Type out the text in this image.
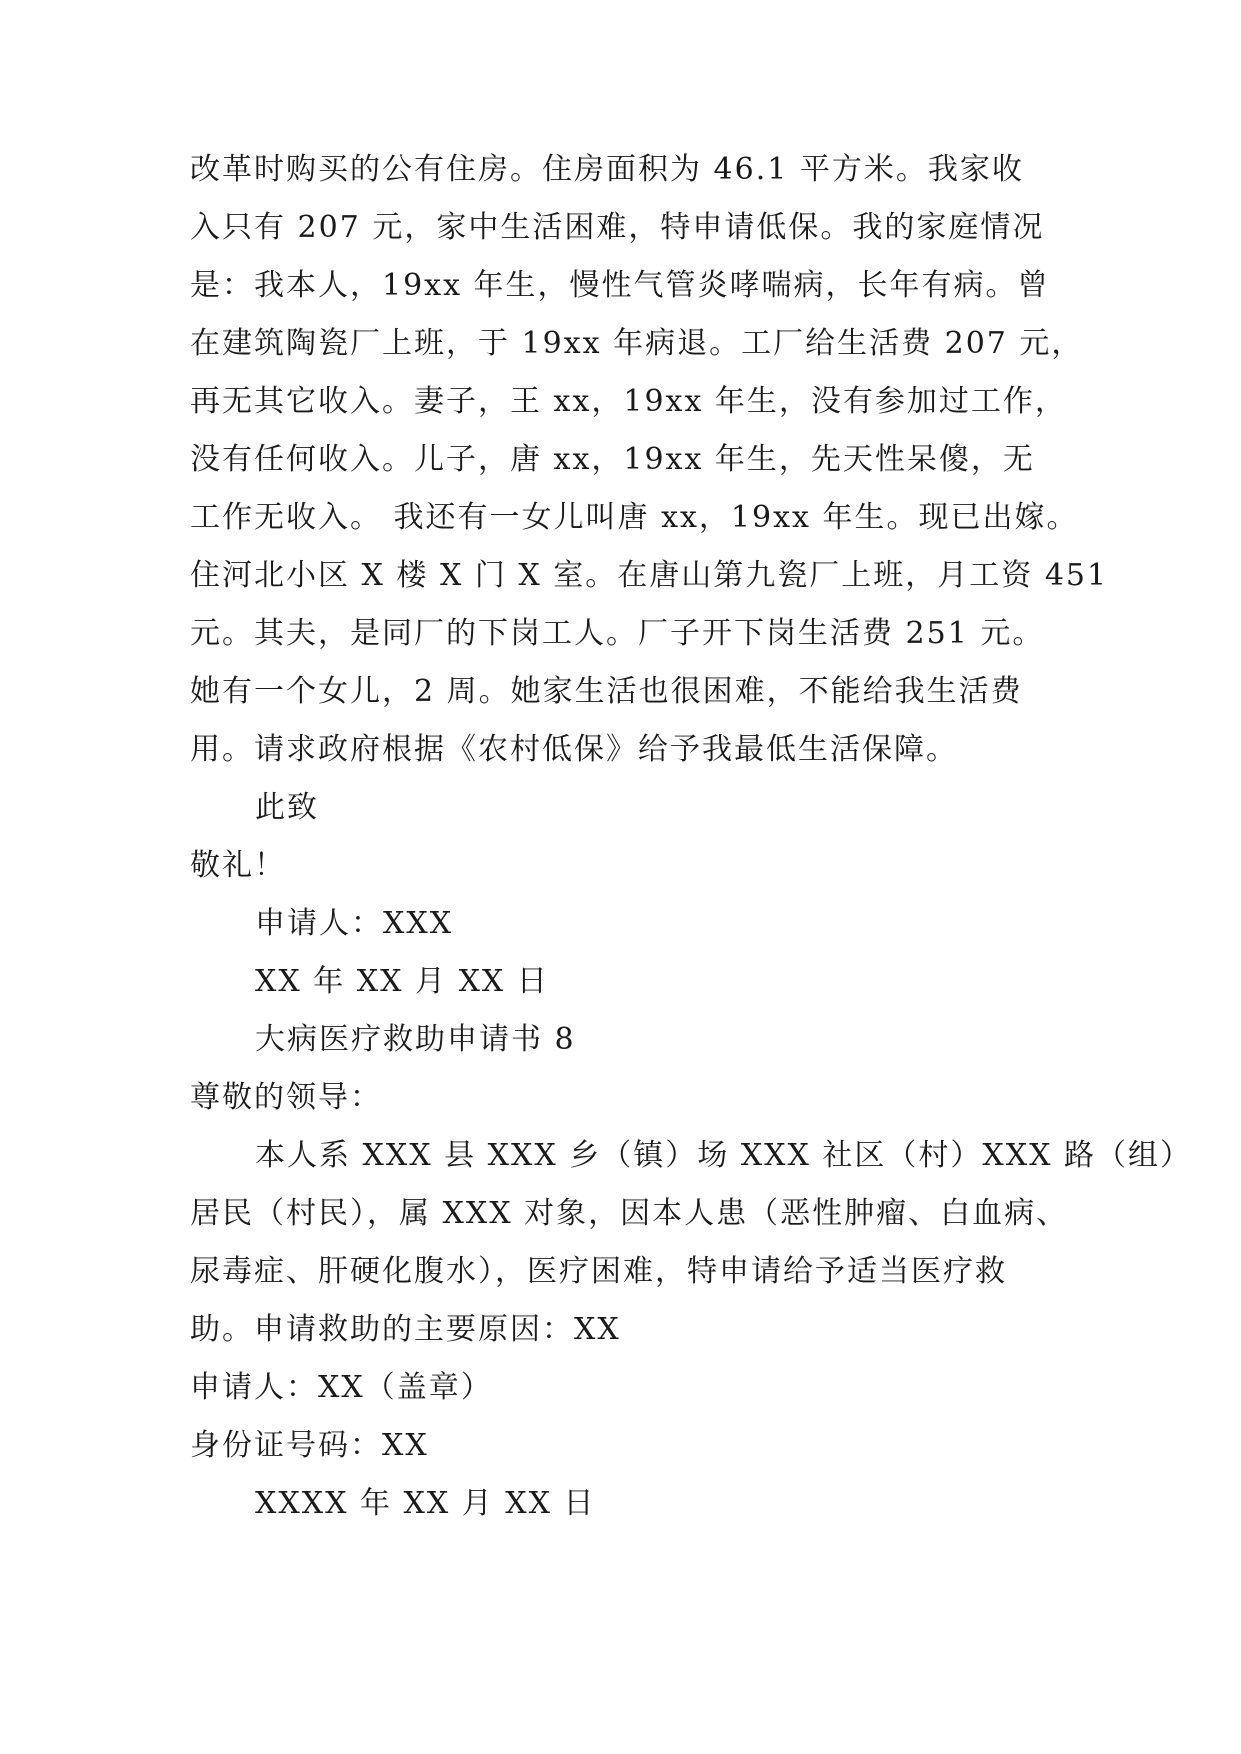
改革时购买的公有住房。住房面积为 46.1 平方米。我家收
入只有 207 元，家中生活困难，特申请低保。我的家庭情况
是：我本人，19xx 年生，慢性气管炎哮喘病，长年有病。曾
在建筑陶瓷厂上班，于 19xx 年病退。工厂给生活费 207 元，
再无其它收入。妻子，王 xx，19xx 年生，没有参加过工作，
没有任何收入。儿子，唐 xx，19xx 年生，先天性呆傻，无
工作无收入。 我还有一女儿叫唐 xx，19xx 年生。现已出嫁。
住河北小区 X 楼 X 门 X 室。在唐山第九瓷厂上班，月工资 451
元。其夫，是同厂的下岗工人。厂子开下岗生活费 251 元。
她有一个女儿，2 周。她家生活也很困难，不能给我生活费
用。请求政府根据《农村低保》给予我最低生活保障。
此致
敬礼！
申请人：XXX
XX 年 XX 月 XX 日
大病医疗救助申请书 8
尊敬的领导：
本人系 XXX 县 XXX 乡（镇）场 XXX 社区（村）XXX 路（组）
居民（村民），属 XXX 对象，因本人患（恶性肿瘤、白血病、
尿毒症、肝硬化腹水），医疗困难，特申请给予适当医疗救
助。申请救助的主要原因：XX
申请人：XX（盖章）
身份证号码：XX
XXXX 年 XX 月 XX 日
